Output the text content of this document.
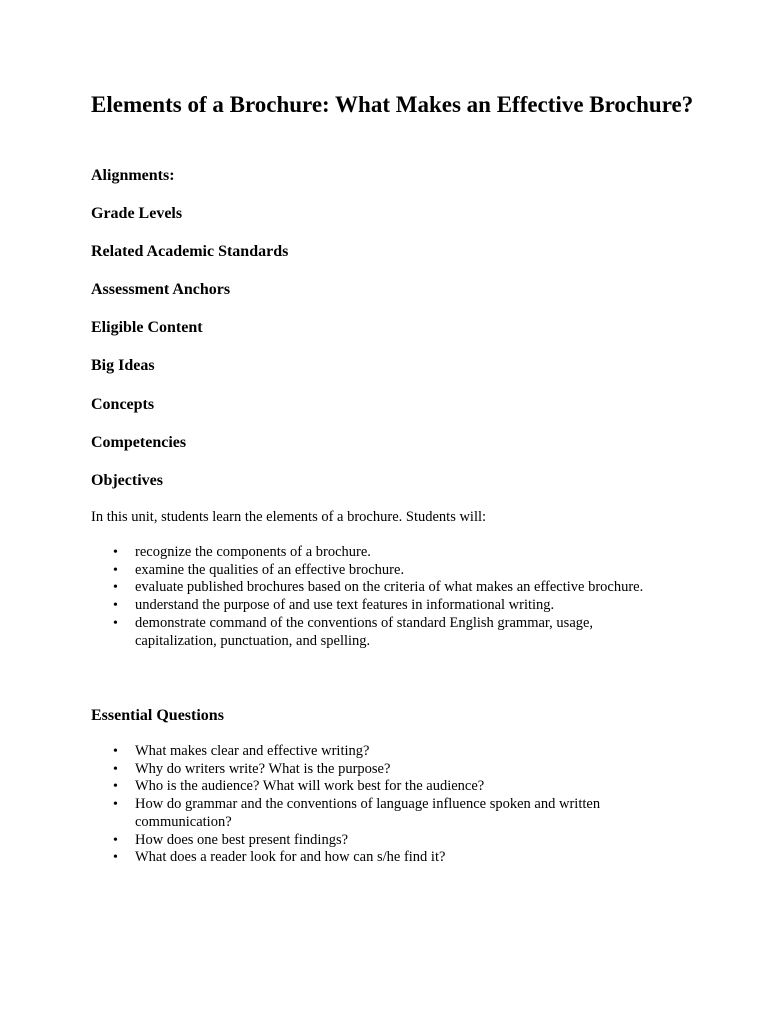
Elements of a Brochure: What Makes an Effective Brochure?
Alignments:
Grade Levels
Related Academic Standards
Assessment Anchors
Eligible Content
Big Ideas
Concepts
Competencies
Objectives

In this unit, students learn the elements of a brochure. Students will:

• recognize the components of a brochure.
• examine the qualities of an effective brochure.
• evaluate published brochures based on the criteria of what makes an effective brochure.
• understand the purpose of and use text features in informational writing.
• demonstrate command of the conventions of standard English grammar, usage, capitalization, punctuation, and spelling.
Essential Questions
• What makes clear and effective writing?
• Why do writers write? What is the purpose?
• Who is the audience? What will work best for the audience?
• How do grammar and the conventions of language influence spoken and written communication?
• How does one best present findings?
• What does a reader look for and how can s/he find it?
